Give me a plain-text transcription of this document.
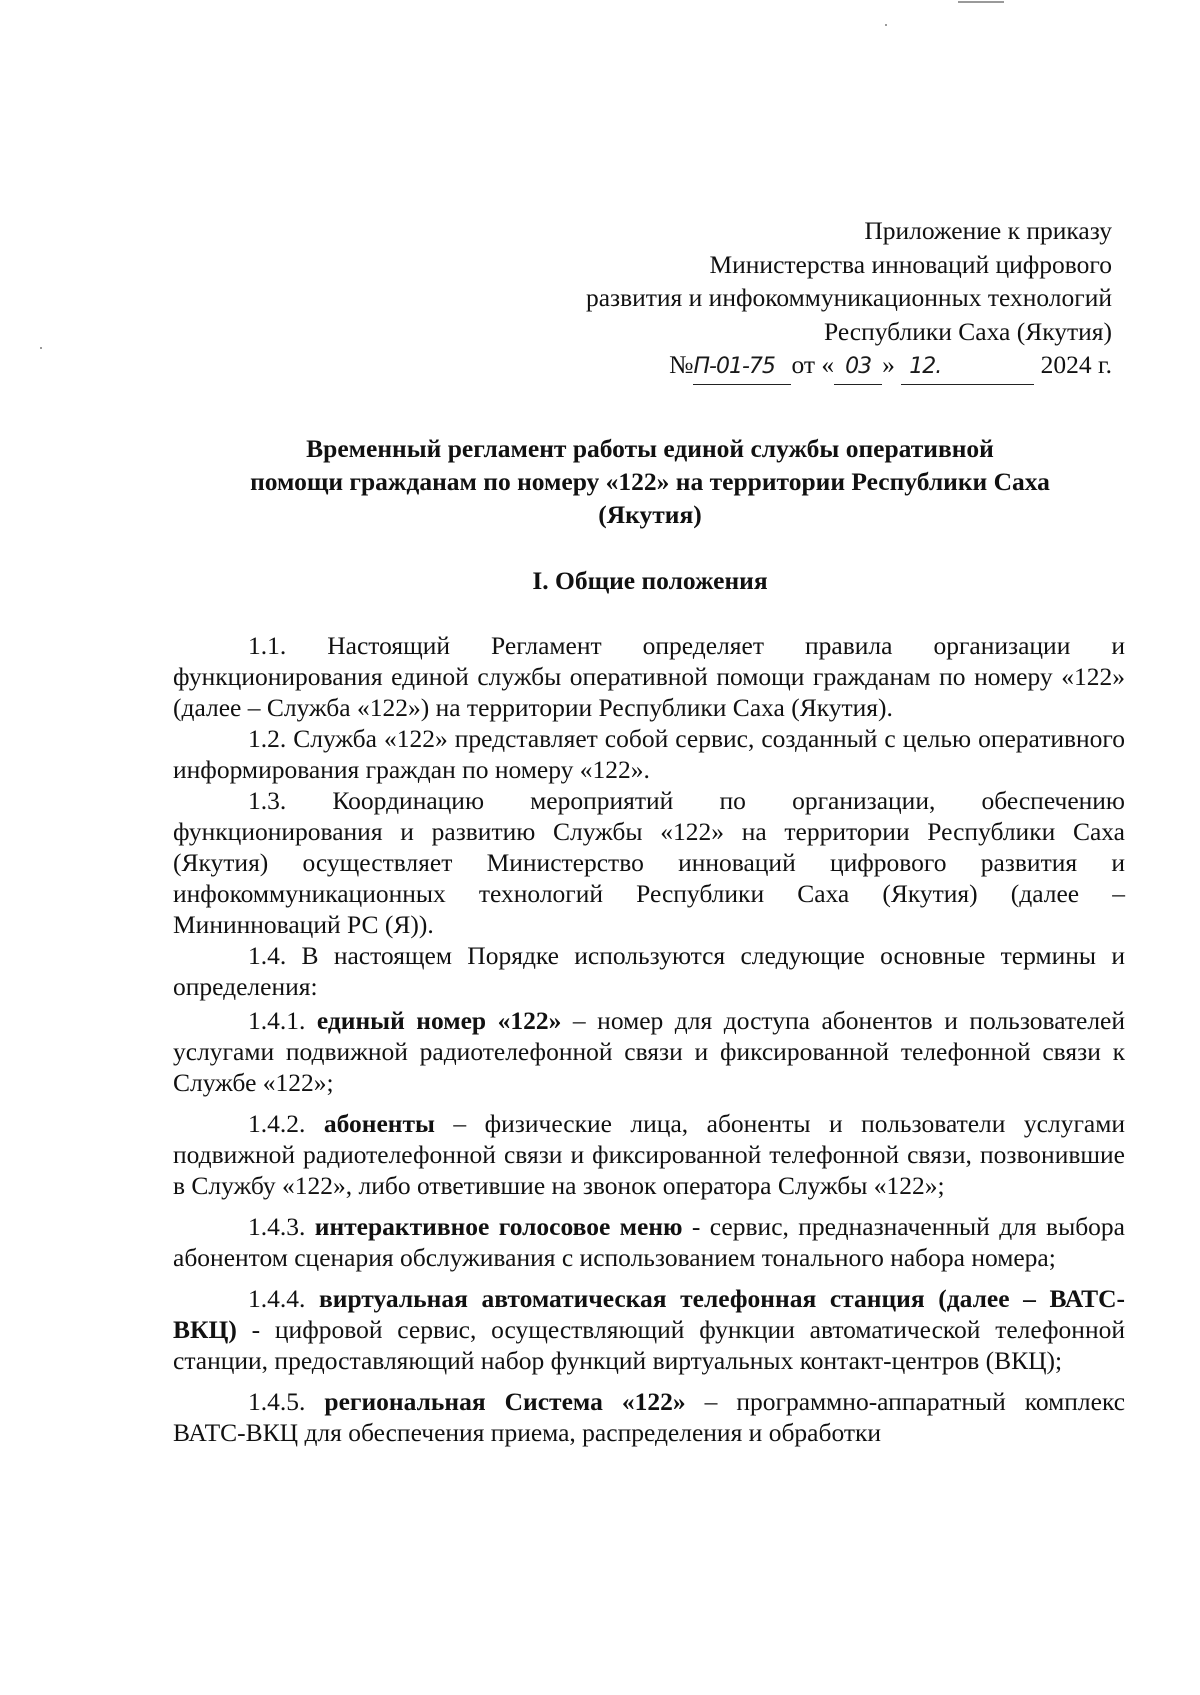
Приложение к приказу
Министерства инноваций цифрового
развития и инфокоммуникационных технологий
Республики Саха (Якутия)
№П-01-75 от « 03 » 12.	2024 г.
Временный регламент работы единой службы оперативной
помощи гражданам по номеру «122» на территории Республики Саха
(Якутия)
I. Общие положения

1.1. Настоящий Регламент определяет правила организации и функционирования единой службы оперативной помощи гражданам по номеру «122» (далее – Служба «122») на территории Республики Саха (Якутия).

1.2. Служба «122» представляет собой сервис, созданный с целью оперативного информирования граждан по номеру «122».

1.3. Координацию мероприятий по организации, обеспечению функционирования и развитию Службы «122» на территории Республики Саха (Якутия) осуществляет Министерство инноваций цифрового развития и инфокоммуникационных технологий Республики Саха (Якутия) (далее – Мининноваций РС (Я)).

1.4. В настоящем Порядке используются следующие основные термины и определения:

1.4.1. единый номер «122» – номер для доступа абонентов и пользователей услугами подвижной радиотелефонной связи и фиксированной телефонной связи к Службе «122»;

1.4.2. абоненты – физические лица, абоненты и пользователи услугами подвижной радиотелефонной связи и фиксированной телефонной связи, позвонившие в Службу «122», либо ответившие на звонок оператора Службы «122»;

1.4.3. интерактивное голосовое меню - сервис, предназначенный для выбора абонентом сценария обслуживания с использованием тонального набора номера;

1.4.4. виртуальная автоматическая телефонная станция (далее – ВАТС-ВКЦ) - цифровой сервис, осуществляющий функции автоматической телефонной станции, предоставляющий набор функций виртуальных контакт-центров (ВКЦ);

1.4.5. региональная Система «122» – программно-аппаратный комплекс ВАТС-ВКЦ для обеспечения приема, распределения и обработки
